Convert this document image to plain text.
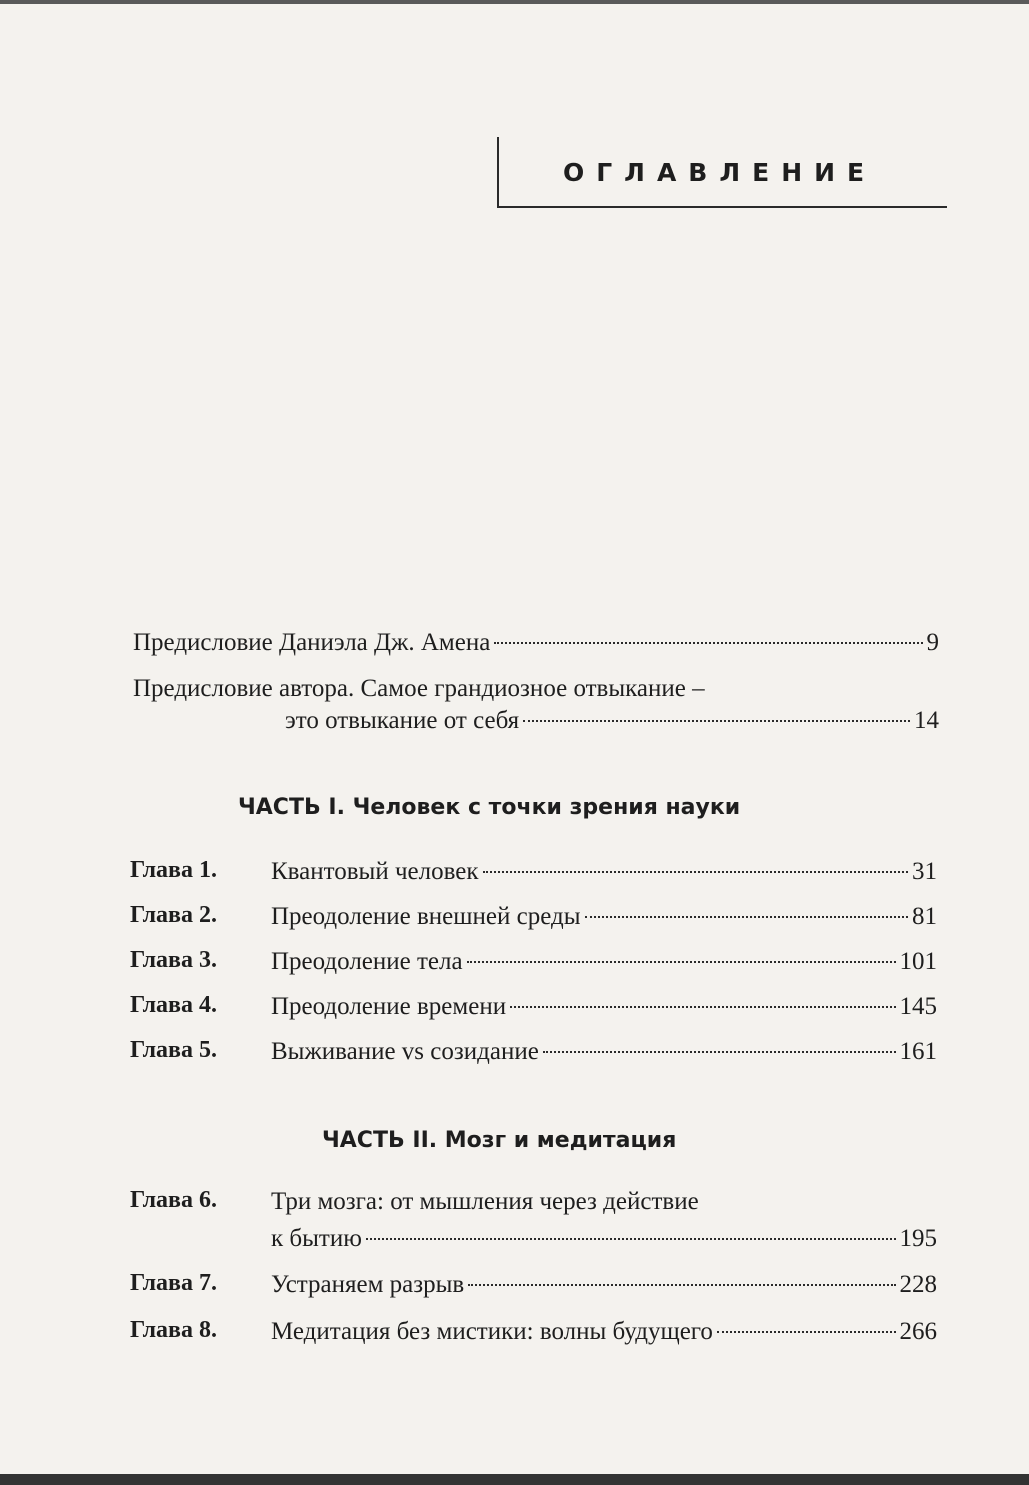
ОГЛАВЛЕНИЕ
Предисловие Даниэла Дж. Амена	9
Предисловие автора. Самое грандиозное отвыкание –
это отвыкание от себя	14
ЧАСТЬ I. Человек с точки зрения науки
Глава 1. Квантовый человек	31
Глава 2. Преодоление внешней среды	81
Глава 3. Преодоление тела	101
Глава 4. Преодоление времени	145
Глава 5. Выживание vs созидание	161
ЧАСТЬ II. Мозг и медитация
Глава 6. Три мозга: от мышления через действие
к бытию	195
Глава 7. Устраняем разрыв	228
Глава 8. Медитация без мистики: волны будущего	266
